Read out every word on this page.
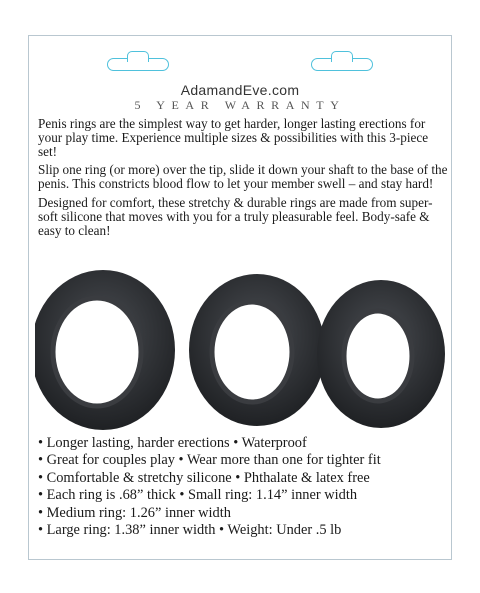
AdamandEve.com
5 YEAR WARRANTY

Penis rings are the simplest way to get harder, longer lasting erections for your play time. Experience multiple sizes & possibilities with this 3-piece set!

Slip one ring (or more) over the tip, slide it down your shaft to the base of the penis. This constricts blood flow to let your member swell – and stay hard!

Designed for comfort, these stretchy & durable rings are made from super-soft silicone that moves with you for a truly pleasurable feel. Body-safe & easy to clean!

• Longer lasting, harder erections • Waterproof
• Great for couples play • Wear more than one for tighter fit
• Comfortable & stretchy silicone • Phthalate & latex free
• Each ring is .68” thick • Small ring: 1.14” inner width
• Medium ring: 1.26” inner width
• Large ring: 1.38” inner width • Weight: Under .5 lb
